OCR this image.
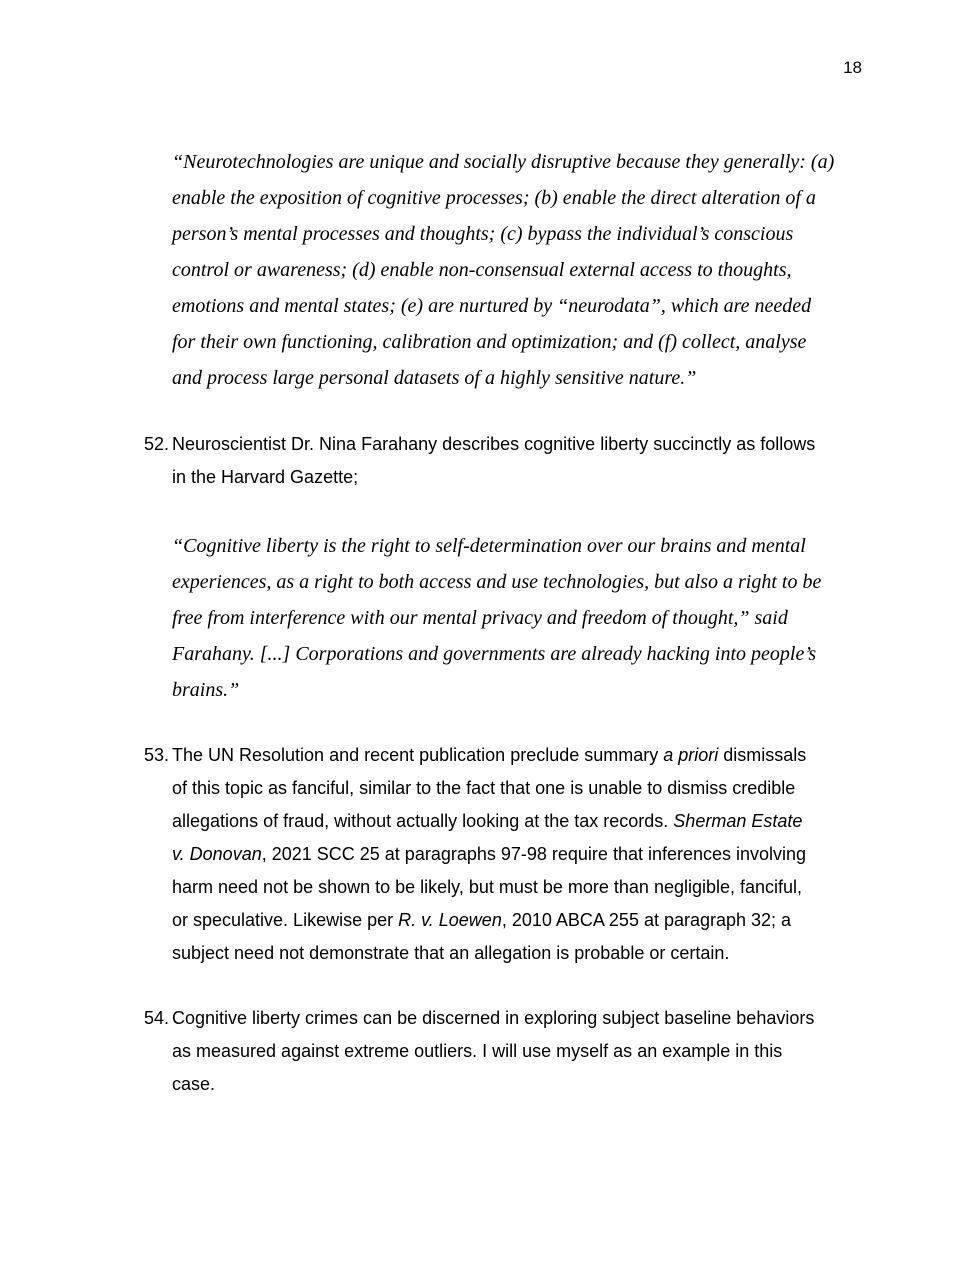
18

“Neurotechnologies are unique and socially disruptive because they generally: (a)
enable the exposition of cognitive processes; (b) enable the direct alteration of a
person’s mental processes and thoughts; (c) bypass the individual’s conscious
control or awareness; (d) enable non-consensual external access to thoughts,
emotions and mental states; (e) are nurtured by “neurodata”, which are needed
for their own functioning, calibration and optimization; and (f) collect, analyse
and process large personal datasets of a highly sensitive nature.”

52. Neuroscientist Dr. Nina Farahany describes cognitive liberty succinctly as follows
in the Harvard Gazette;

“Cognitive liberty is the right to self-determination over our brains and mental
experiences, as a right to both access and use technologies, but also a right to be
free from interference with our mental privacy and freedom of thought,” said
Farahany. [...] Corporations and governments are already hacking into people’s
brains.”

53. The UN Resolution and recent publication preclude summary a priori dismissals
of this topic as fanciful, similar to the fact that one is unable to dismiss credible
allegations of fraud, without actually looking at the tax records. Sherman Estate
v. Donovan, 2021 SCC 25 at paragraphs 97-98 require that inferences involving
harm need not be shown to be likely, but must be more than negligible, fanciful,
or speculative. Likewise per R. v. Loewen, 2010 ABCA 255 at paragraph 32; a
subject need not demonstrate that an allegation is probable or certain.
54. Cognitive liberty crimes can be discerned in exploring subject baseline behaviors
as measured against extreme outliers. I will use myself as an example in this
case.
